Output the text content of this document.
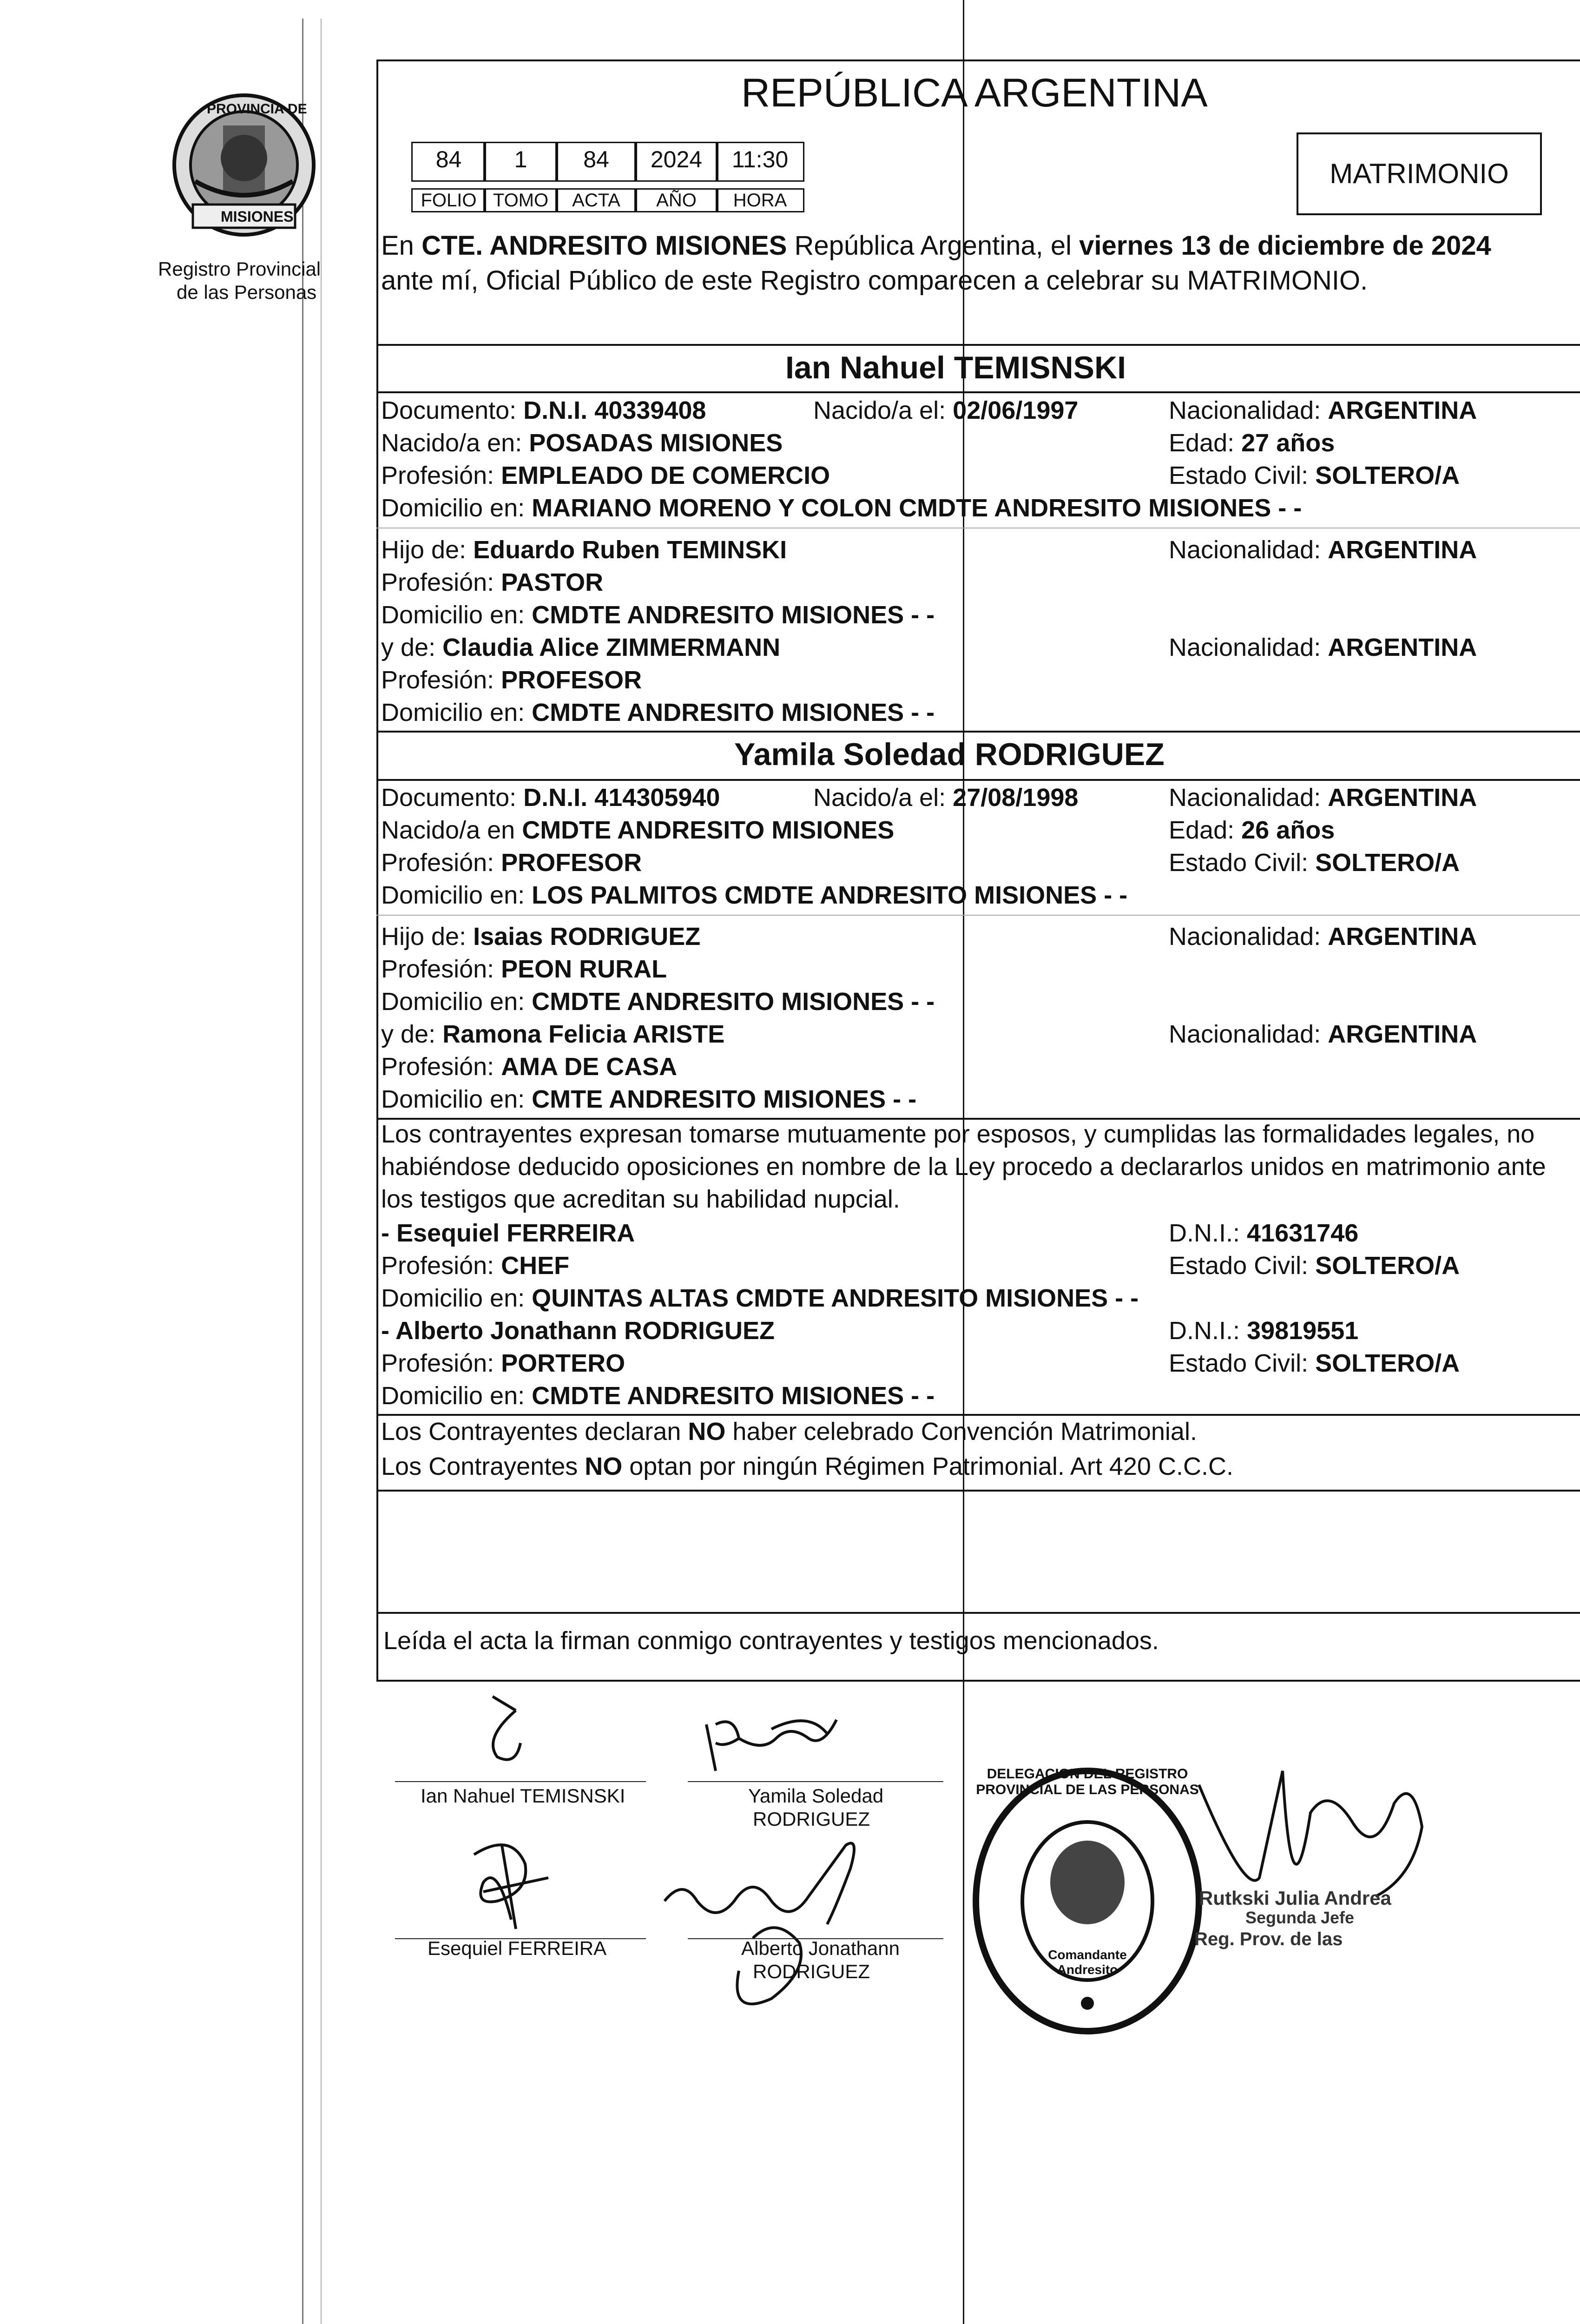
PROVINCIA DE
MISIONES
Registro Provincial
de las Personas
REPÚBLICA ARGENTINA
MATRIMONIO
84	1	84	2024	11:30
FOLIO TOMO	ACTA	AÑO	HORA
En CTE. ANDRESITO MISIONES República Argentina, el viernes 13 de diciembre de 2024
ante mí, Oficial Público de este Registro comparecen a celebrar su MATRIMONIO.
Ian Nahuel TEMISNSKI
Documento: D.N.I. 40339408	Nacido/a el: 02/06/1997	Nacionalidad: ARGENTINA
Nacido/a en: POSADAS MISIONES	Edad: 27 años
Profesión: EMPLEADO DE COMERCIO	Estado Civil: SOLTERO/A
Domicilio en: MARIANO MORENO Y COLON CMDTE ANDRESITO MISIONES - -
Hijo de: Eduardo Ruben TEMINSKI	Nacionalidad: ARGENTINA
Profesión: PASTOR
Domicilio en: CMDTE ANDRESITO MISIONES - -
y de: Claudia Alice ZIMMERMANN	Nacionalidad: ARGENTINA
Profesión: PROFESOR
Domicilio en: CMDTE ANDRESITO MISIONES - -
Yamila Soledad RODRIGUEZ
Documento: D.N.I. 414305940	Nacido/a el: 27/08/1998	Nacionalidad: ARGENTINA
Nacido/a en CMDTE ANDRESITO MISIONES	Edad: 26 años
Profesión: PROFESOR	Estado Civil: SOLTERO/A
Domicilio en: LOS PALMITOS CMDTE ANDRESITO MISIONES - -
Hijo de: Isaias RODRIGUEZ	Nacionalidad: ARGENTINA
Profesión: PEON RURAL
Domicilio en: CMDTE ANDRESITO MISIONES - -
y de: Ramona Felicia ARISTE	Nacionalidad: ARGENTINA
Profesión: AMA DE CASA
Domicilio en: CMTE ANDRESITO MISIONES - -
Los contrayentes expresan tomarse mutuamente por esposos, y cumplidas las formalidades legales, no
habiéndose deducido oposiciones en nombre de la Ley procedo a declararlos unidos en matrimonio ante
los testigos que acreditan su habilidad nupcial.
- Esequiel FERREIRA	D.N.I.: 41631746
Profesión: CHEF	Estado Civil: SOLTERO/A
Domicilio en: QUINTAS ALTAS CMDTE ANDRESITO MISIONES - -
- Alberto Jonathann RODRIGUEZ	D.N.I.: 39819551
Profesión: PORTERO	Estado Civil: SOLTERO/A
Domicilio en: CMDTE ANDRESITO MISIONES - -
Los Contrayentes declaran NO haber celebrado Convención Matrimonial.
Los Contrayentes NO optan por ningún Régimen Patrimonial. Art 420 C.C.C.
Leída el acta la firman conmigo contrayentes y testigos mencionados.
Ian Nahuel TEMISNSKI	Yamila Soledad
RODRIGUEZ
Esequiel FERREIRA	Alberto Jonathann
RODRIGUEZ
DELEGACION DEL REGISTRO PROVINCIAL DE LAS PERSONAS
Comandante Andresito
Rutkski Julia Andrea
Segunda Jefe
Reg. Prov. de las
